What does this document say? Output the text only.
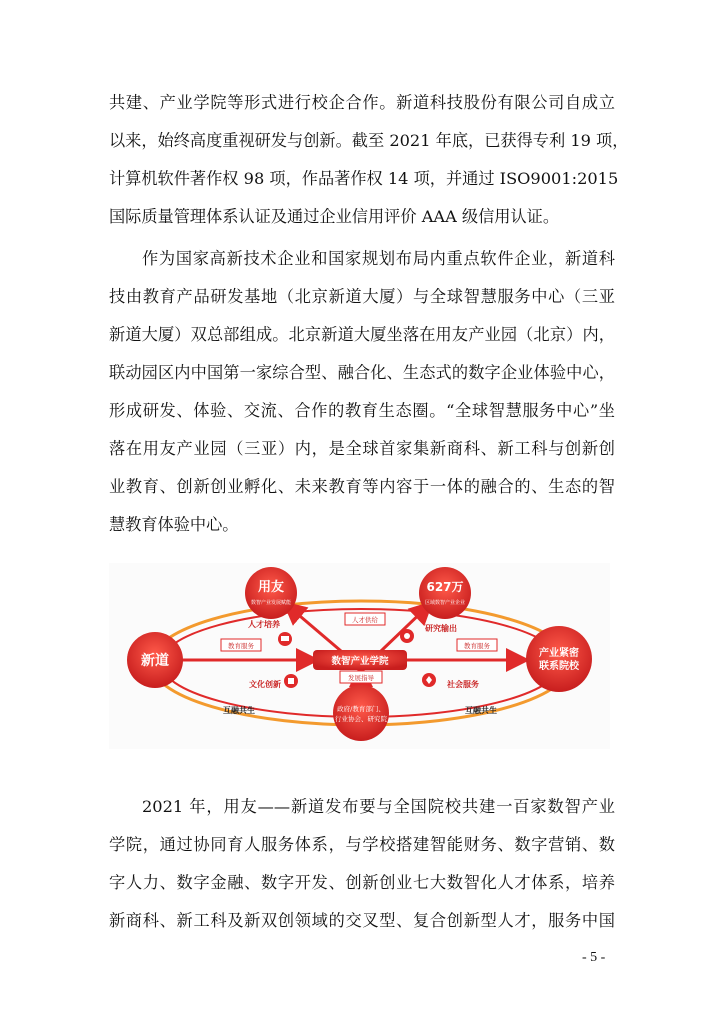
共建、产业学院等形式进行校企合作。新道科技股份有限公司自成立
以来，始终高度重视研发与创新。截至 2021 年底，已获得专利 19 项，
计算机软件著作权 98 项，作品著作权 14 项，并通过 ISO9001:2015
国际质量管理体系认证及通过企业信用评价 AAA 级信用认证。
作为国家高新技术企业和国家规划布局内重点软件企业，新道科
技由教育产品研发基地（北京新道大厦）与全球智慧服务中心（三亚
新道大厦）双总部组成。北京新道大厦坐落在用友产业园（北京）内，
联动园区内中国第一家综合型、融合化、生态式的数字企业体验中心，
形成研发、体验、交流、合作的教育生态圈。“全球智慧服务中心”坐
落在用友产业园（三亚）内，是全球首家集新商科、新工科与创新创
业教育、创新创业孵化、未来教育等内容于一体的融合的、生态的智
慧教育体验中心。
人才供给
教育服务	教育服务
发展指导
数智产业学院
新道	产业紧密
联系院校
用友
数智产业发展赋能
627万
区域数智产业企业
政府/教育部门、
行业协会、研究院
人才培养	研究输出
文化创新	社会服务
互融共生	互融共生
2021 年，用友——新道发布要与全国院校共建一百家数智产业
学院，通过协同育人服务体系，与学校搭建智能财务、数字营销、数
字人力、数字金融、数字开发、创新创业七大数智化人才体系，培养
新商科、新工科及新双创领域的交叉型、复合创新型人才，服务中国
- 5 -
